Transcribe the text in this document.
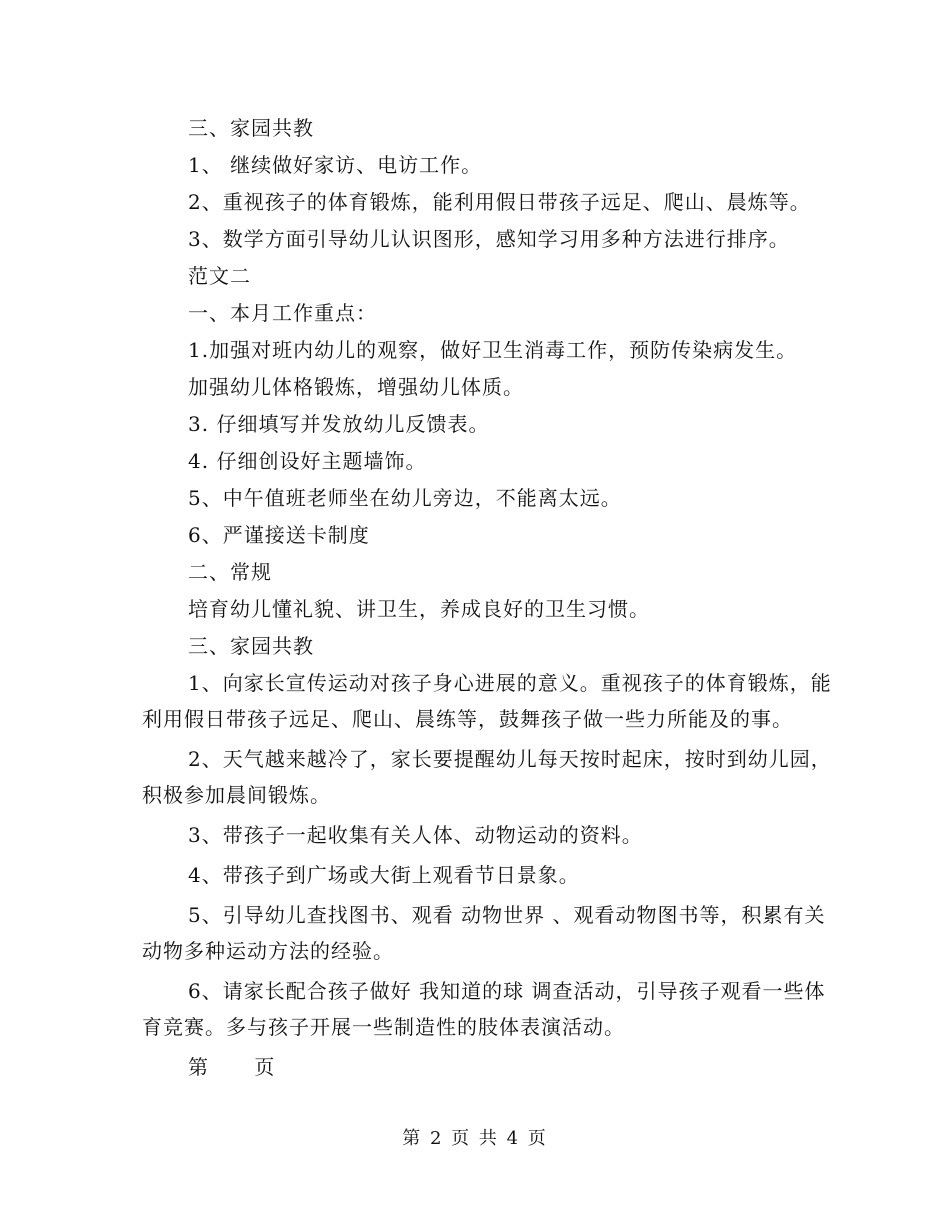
三、家园共教
1、 继续做好家访、电访工作。
2、重视孩子的体育锻炼，能利用假日带孩子远足、爬山、晨炼等。
3、数学方面引导幼儿认识图形，感知学习用多种方法进行排序。
范文二
一、本月工作重点：
1.加强对班内幼儿的观察，做好卫生消毒工作，预防传染病发生。
加强幼儿体格锻炼，增强幼儿体质。
3. 仔细填写并发放幼儿反馈表。
4. 仔细创设好主题墙饰。
5、中午值班老师坐在幼儿旁边，不能离太远。
6、严谨接送卡制度
二、常规
培育幼儿懂礼貌、讲卫生，养成良好的卫生习惯。
三、家园共教
1、向家长宣传运动对孩子身心进展的意义。重视孩子的体育锻炼，能利用假日带孩子远足、爬山、晨练等，鼓舞孩子做一些力所能及的事。
2、天气越来越冷了，家长要提醒幼儿每天按时起床，按时到幼儿园，积极参加晨间锻炼。
3、带孩子一起收集有关人体、动物运动的资料。
4、带孩子到广场或大街上观看节日景象。
5、引导幼儿查找图书、观看 动物世界 、观看动物图书等，积累有关动物多种运动方法的经验。
6、请家长配合孩子做好 我知道的球 调查活动，引导孩子观看一些体育竞赛。多与孩子开展一些制造性的肢体表演活动。
第 页
第 2 页 共 4 页
